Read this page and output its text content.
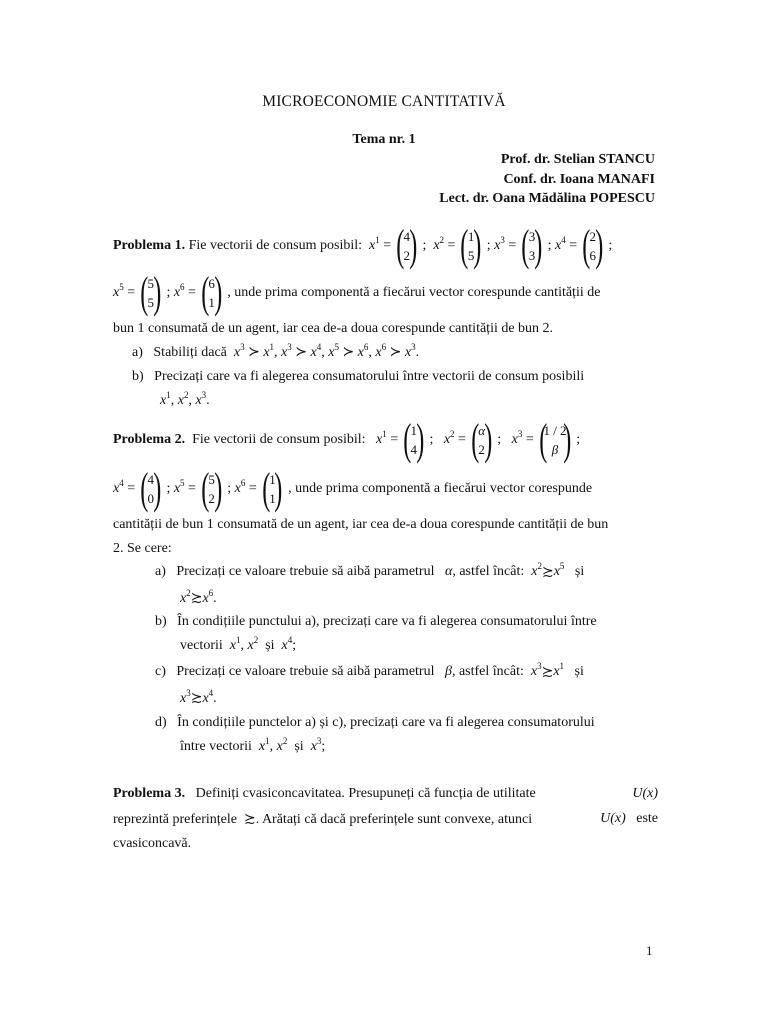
MICROECONOMIE CANTITATIVĂ
Tema nr. 1
Prof. dr. Stelian STANCU
Conf. dr. Ioana MANAFI
Lect. dr. Oana Mădălina POPESCU
Problema 1.
Fie vectorii de consum posibil:
$x^1$ = ( 4
2 ) ; $x^2$ = ( 1
5 ) ; $x^3$ = ( 3
3 ) ; $x^4$ = ( 2
6 ) ;
$x^5$ = ( 5
5 ) ; $x^6$ = ( 6
1 ) , unde prima componentă a fiecărui vector corespunde cantității de
bun 1 consumată de un agent, iar cea de-a doua corespunde cantității de bun 2.
a) Stabiliți dacă $x^3$ ≻ $x^1$, $x^3$ ≻ $x^4$, $x^5$ ≻ $x^6$, $x^6$ ≻ $x^3$.
b) Precizați care va fi alegerea consumatorului între vectorii de consum posibili
$x^1$, $x^2$, $x^3$.
Problema 2.
Fie vectorii de consum posibil:
$x^1$ = ( 1
4 ) ; $x^2$ = (
α
2 ) ; $x^3$ = (
1 / 2
β ) ;
$x^4$ = ( 4
0 ) ; $x^5$ = ( 5
2 ) ; $x^6$ = ( 1
1 ) , unde prima componentă a fiecărui vector corespunde
cantității de bun 1 consumată de un agent, iar cea de-a doua corespunde cantității de bun
2. Se cere:
a)
Precizați ce valoare trebuie să aibă parametrul
α , astfel încât:
$x^2$ ≿ $x^5$
și
$x^2≿x^6$.
b) În condițiile punctului a), precizați care va fi alegerea consumatorului între
vectorii $x^1$, $x^2$ și $x^4$;
c)
Precizați ce valoare trebuie să aibă parametrul
β , astfel încât:
$x^3$ ≿ $x^1$
și
$x^3≿x^4$.
d) În condițiile punctelor a) și c), precizați care va fi alegerea consumatorului
între vectorii $x^1$, $x^2$ și $x^3$;
Problema 3. Definiți cvasiconcavitatea. Presupuneți că funcția de utilitate	U(x)
reprezintă preferințele ≿. Arătați că dacă preferințele sunt convexe, atunci	U(x) este
cvasiconcavă.
1
